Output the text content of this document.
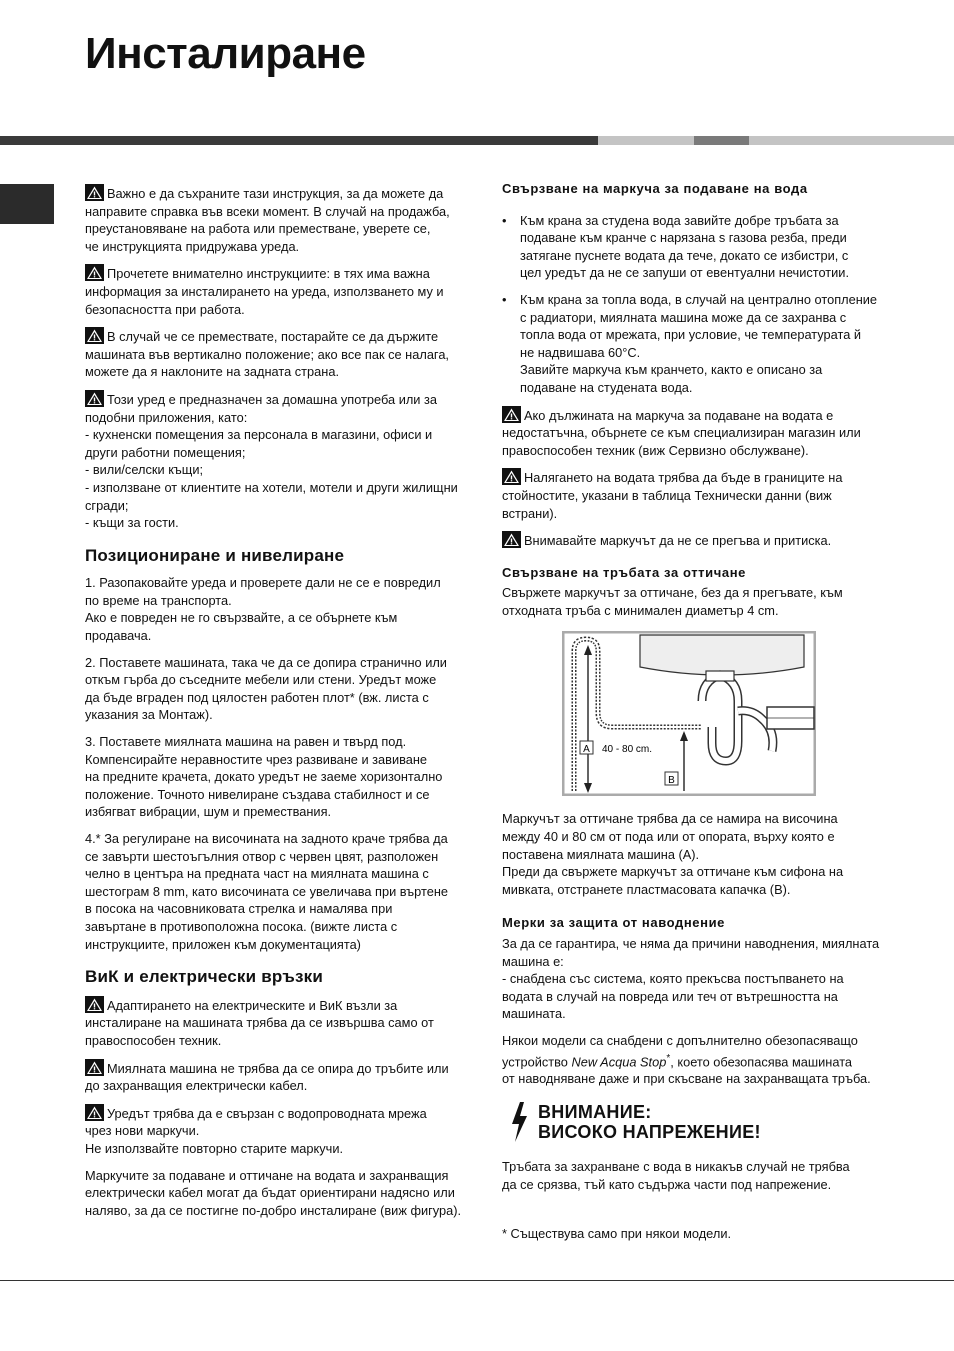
Инсталиране
Важно е да съхраните тази инструкция, за да можете да
направите справка във всеки момент. В случай на продажба,
преустановяване на работа или преместване, уверете се,
че инструкцията придружава уреда.
Прочетете внимателно инструкциите: в тях има важна
информация за инсталирането на уреда, използването му и
безопасността при работа.
В случай че се премествате, постарайте се да държите
машината във вертикално положение; ако все пак се налага,
можете да я наклоните на задната страна.
Този уред е предназначен за домашна употреба или за
подобни приложения, като:
- кухненски помещения за персонала в магазини, офиси и
други работни помещения;
- вили/селски къщи;
- използване от клиентите на хотели, мотели и други жилищни
сгради;
- къщи за гости.
Позициониране и нивелиране
1. Разопаковайте уреда и проверете дали не се е повредил
по време на транспорта.
Ако е повреден не го свързвайте, а се обърнете към
продавача.
2. Поставете машината, така че да се допира странично или
откъм гърба до съседните мебели или стени. Уредът може
да бъде вграден под цялостен работен плот* (вж. листа с
указания за Монтаж).
3. Поставете миялната машина на равен и твърд под.
Компенсирайте неравностите чрез развиване и завиване
на предните крачета, докато уредът не заеме хоризонтално
положение. Точното нивелиране създава стабилност и се
избягват вибрации, шум и премествания.
4.* За регулиране на височината на задното краче трябва да
се завърти шестоъгълния отвор с червен цвят, разположен
челно в центъра на предната част на миялната машина с
шестограм 8 mm, като височината се увеличава при въртене
в посока на часовниковата стрелка и намалява при
завъртане в противоположна посока. (вижте листа с
инструкциите, приложен към документацията)
ВиК и електрически връзки
Адаптирането на електрическите и ВиК възли за
инсталиране на машината трябва да се извършва само от
правоспособен техник.
Миялната машина не трябва да се опира до тръбите или
до захранващия електрически кабел.
Уредът трябва да е свързан с водопроводната мрежа
чрез нови маркучи.
Не използвайте повторно старите маркучи.
Маркучите за подаване и оттичане на водата и захранващия
електрически кабел могат да бъдат ориентирани надясно или
наляво, за да се постигне по-добро инсталиране (виж фигура).
Свързване на маркуча за подаване на вода
• Към крана за студена вода завийте добре тръбата за
подаване към кранче с нарязана s газова резба, преди
затягане пуснете водата да тече, докато се избистри, с
цел уредът да не се запуши от евентуални нечистотии.
• Към крана за топла вода, в случай на централно отопление
с радиатори, миялната машина може да се захранва с
топла вода от мрежата, при условие, че температурата й
не надвишава 60°C.
Завийте маркуча към кранчето, както е описано за
подаване на студената вода.
Ако дължината на маркуча за подаване на водата е
недостатъчна, обърнете се към специализиран магазин или
правоспособен техник (виж Сервизно обслужване).
Налягането на водата трябва да бъде в границите на
стойностите, указани в таблица Технически данни (виж
встрани).
Внимавайте маркучът да не се прегъва и притиска.
Свързване на тръбата за оттичане
Свържете маркучът за оттичане, без да я прегъвате, към
отходната тръба с минимален диаметър 4 cm.
A 40 - 80 cm.
B
Маркучът за оттичане трябва да се намира на височина
между 40 и 80 см от пода или от опората, върху която е
поставена миялната машина (A).
Преди да свържете маркучът за оттичане към сифона на
мивката, отстранете пластмасовата капачка (B).
Мерки за защита от наводнение
За да се гарантира, че няма да причини наводнения, миялната
машина е:
- снабдена със система, която прекъсва постъпването на
водата в случай на повреда или теч от вътрешността на
машината.
Някои модели са снабдени с допълнително обезопасяващо
устройство New Acqua Stop*, което обезопасява машината
от наводняване даже и при скъсване на захранващата тръба.
ВНИМАНИЕ:
ВИСОКО НАПРЕЖЕНИЕ!
Тръбата за захранване с вода в никакъв случай не трябва
да се срязва, тъй като съдържа части под напрежение.
* Съществува само при някои модели.
